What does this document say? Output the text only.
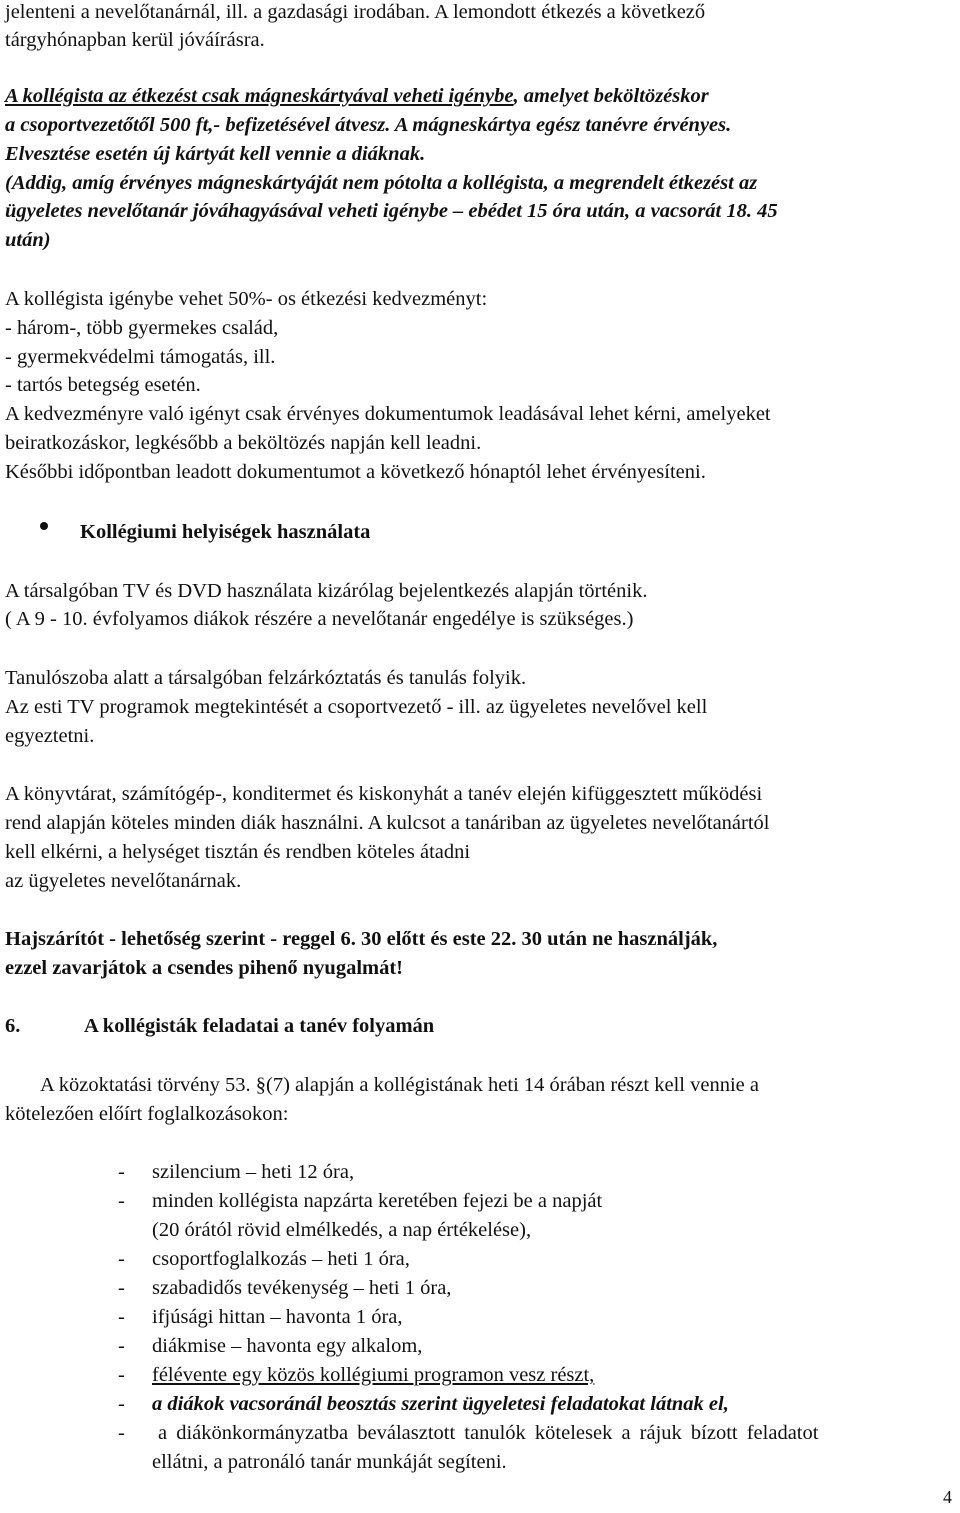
jelenteni a nevelőtanárnál, ill. a gazdasági irodában. A lemondott étkezés a következő
tárgyhónapban kerül jóváírásra.
A kollégista az étkezést csak mágneskártyával veheti igénybe, amelyet beköltözéskor
a csoportvezetőtől 500 ft,- befizetésével átvesz. A mágneskártya egész tanévre érvényes.
Elvesztése esetén új kártyát kell vennie a diáknak.
(Addig, amíg érvényes mágneskártyáját nem pótolta a kollégista, a megrendelt étkezést az
ügyeletes nevelőtanár jóváhagyásával veheti igénybe – ebédet 15 óra után, a vacsorát 18. 45
után)
A kollégista igénybe vehet 50%- os étkezési kedvezményt:
- három-, több gyermekes család,
- gyermekvédelmi támogatás, ill.
- tartós betegség esetén.
A kedvezményre való igényt csak érvényes dokumentumok leadásával lehet kérni, amelyeket
beiratkozáskor, legkésőbb a beköltözés napján kell leadni.
Későbbi időpontban leadott dokumentumot a következő hónaptól lehet érvényesíteni.
Kollégiumi helyiségek használata
A társalgóban TV és DVD használata kizárólag bejelentkezés alapján történik.
( A 9 - 10. évfolyamos diákok részére a nevelőtanár engedélye is szükséges.)
Tanulószoba alatt a társalgóban felzárkóztatás és tanulás folyik.
Az esti TV programok megtekintését a csoportvezető - ill. az ügyeletes nevelővel kell
egyeztetni.
A könyvtárat, számítógép-, konditermet és kiskonyhát a tanév elején kifüggesztett működési
rend alapján köteles minden diák használni. A kulcsot a tanáriban az ügyeletes nevelőtanártól
kell elkérni, a helységet tisztán és rendben köteles átadni
az ügyeletes nevelőtanárnak.
Hajszárítót - lehetőség szerint - reggel 6. 30 előtt és este 22. 30 után ne használják,
ezzel zavarjátok a csendes pihenő nyugalmát!
6.	A kollégisták feladatai a tanév folyamán
A közoktatási törvény 53. §(7) alapján a kollégistának heti 14 órában részt kell vennie a
kötelezően előírt foglalkozásokon:
- szilencium – heti 12 óra,
- minden kollégista napzárta keretében fejezi be a napját
(20 órától rövid elmélkedés, a nap értékelése),
- csoportfoglalkozás – heti 1 óra,
- szabadidős tevékenység – heti 1 óra,
- ifjúsági hittan – havonta 1 óra,
- diákmise – havonta egy alkalom,
- félévente egy közös kollégiumi programon vesz részt,
- a diákok vacsoránál beosztás szerint ügyeletesi feladatokat látnak el,
- a diákönkormányzatba beválasztott tanulók kötelesek a rájuk bízott feladatot
ellátni, a patronáló tanár munkáját segíteni.
4
